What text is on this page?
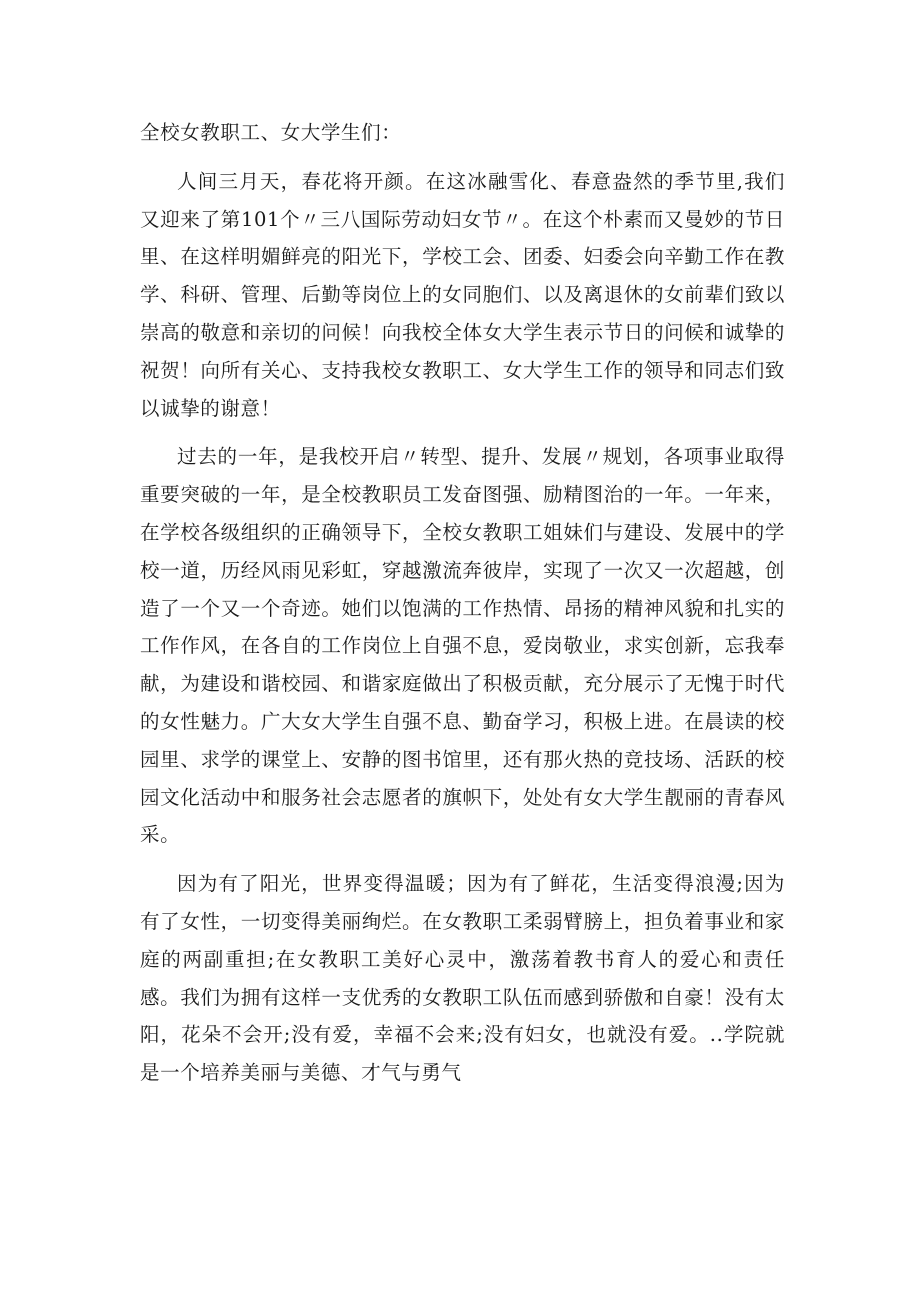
全校女教职工、女大学生们：

人间三月天，春花将开颜。在这冰融雪化、春意盎然的季节里,我们又迎来了第101个〃三八国际劳动妇女节〃。在这个朴素而又曼妙的节日里、在这样明媚鲜亮的阳光下，学校工会、团委、妇委会向辛勤工作在教学、科研、管理、后勤等岗位上的女同胞们、以及离退休的女前辈们致以崇高的敬意和亲切的问候！向我校全体女大学生表示节日的问候和诚挚的祝贺！向所有关心、支持我校女教职工、女大学生工作的领导和同志们致以诚挚的谢意！

过去的一年，是我校开启〃转型、提升、发展〃规划，各项事业取得重要突破的一年，是全校教职员工发奋图强、励精图治的一年。一年来，在学校各级组织的正确领导下，全校女教职工姐妹们与建设、发展中的学校一道，历经风雨见彩虹，穿越激流奔彼岸，实现了一次又一次超越，创造了一个又一个奇迹。她们以饱满的工作热情、昂扬的精神风貌和扎实的工作作风，在各自的工作岗位上自强不息，爱岗敬业，求实创新，忘我奉献，为建设和谐校园、和谐家庭做出了积极贡献，充分展示了无愧于时代的女性魅力。广大女大学生自强不息、勤奋学习，积极上进。在晨读的校园里、求学的课堂上、安静的图书馆里，还有那火热的竞技场、活跃的校园文化活动中和服务社会志愿者的旗帜下，处处有女大学生靓丽的青春风采。

因为有了阳光，世界变得温暖；因为有了鲜花，生活变得浪漫;因为有了女性，一切变得美丽绚烂。在女教职工柔弱臂膀上，担负着事业和家庭的两副重担;在女教职工美好心灵中，激荡着教书育人的爱心和责任感。我们为拥有这样一支优秀的女教职工队伍而感到骄傲和自豪！没有太阳，花朵不会开;没有爱，幸福不会来;没有妇女，也就没有爱。..学院就是一个培养美丽与美德、才气与勇气
